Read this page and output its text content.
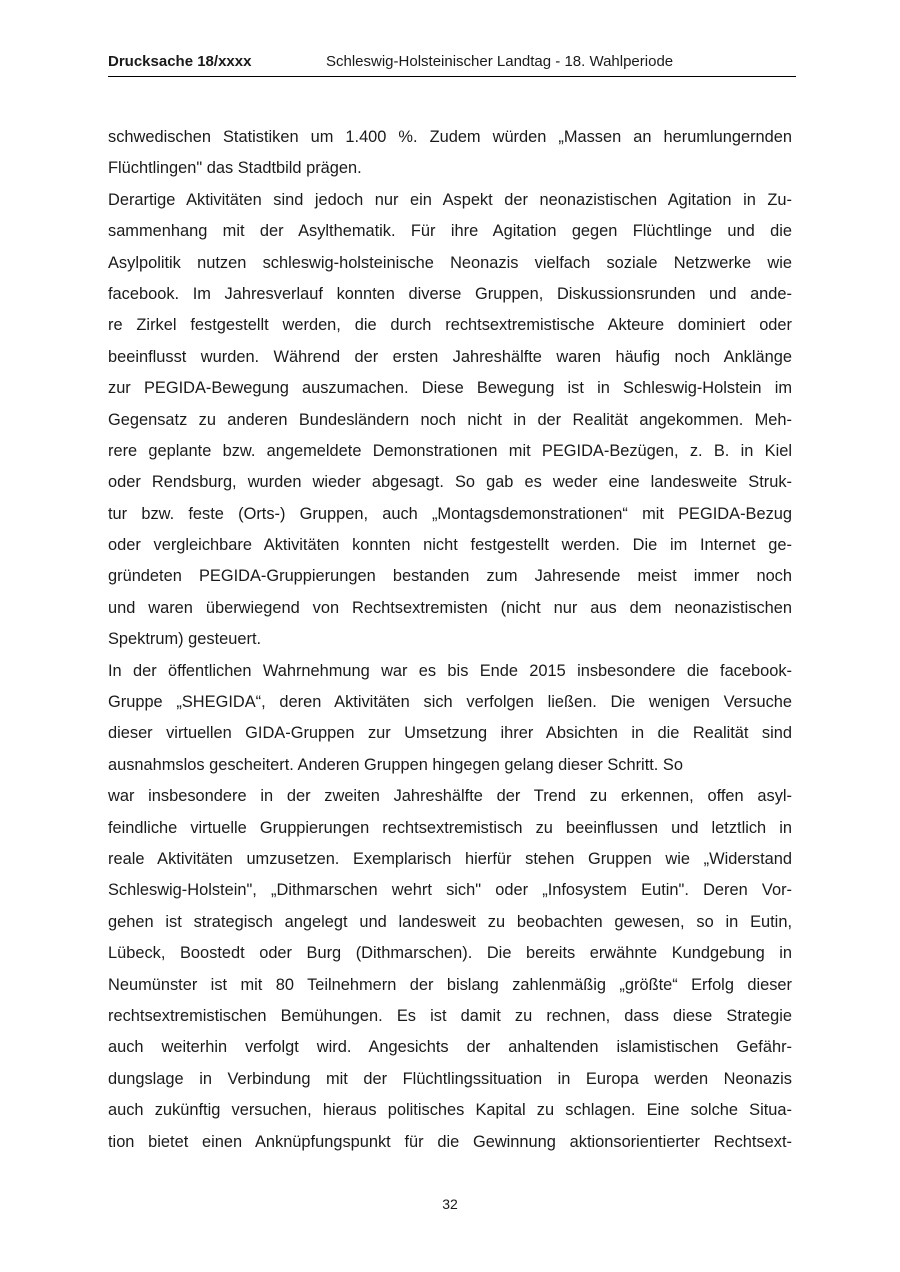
Drucksache 18/xxxx	Schleswig-Holsteinischer Landtag - 18. Wahlperiode
schwedischen Statistiken um 1.400 %. Zudem würden „Massen an herumlungernden
Flüchtlingen" das Stadtbild prägen.
Derartige Aktivitäten sind jedoch nur ein Aspekt der neonazistischen Agitation in Zu-
sammenhang mit der Asylthematik. Für ihre Agitation gegen Flüchtlinge und die
Asylpolitik nutzen schleswig-holsteinische Neonazis vielfach soziale Netzwerke wie
facebook. Im Jahresverlauf konnten diverse Gruppen, Diskussionsrunden und ande-
re Zirkel festgestellt werden, die durch rechtsextremistische Akteure dominiert oder
beeinflusst wurden. Während der ersten Jahreshälfte waren häufig noch Anklänge
zur PEGIDA-Bewegung auszumachen. Diese Bewegung ist in Schleswig-Holstein im
Gegensatz zu anderen Bundesländern noch nicht in der Realität angekommen. Meh-
rere geplante bzw. angemeldete Demonstrationen mit PEGIDA-Bezügen, z. B. in Kiel
oder Rendsburg, wurden wieder abgesagt. So gab es weder eine landesweite Struk-
tur bzw. feste (Orts-) Gruppen, auch „Montagsdemonstrationen“ mit PEGIDA-Bezug
oder vergleichbare Aktivitäten konnten nicht festgestellt werden. Die im Internet ge-
gründeten PEGIDA-Gruppierungen bestanden zum Jahresende meist immer noch
und waren überwiegend von Rechtsextremisten (nicht nur aus dem neonazistischen
Spektrum) gesteuert.
In der öffentlichen Wahrnehmung war es bis Ende 2015 insbesondere die facebook-
Gruppe „SHEGIDA“, deren Aktivitäten sich verfolgen ließen. Die wenigen Versuche
dieser virtuellen GIDA-Gruppen zur Umsetzung ihrer Absichten in die Realität sind
ausnahmslos gescheitert. Anderen Gruppen hingegen gelang dieser Schritt. So
war insbesondere in der zweiten Jahreshälfte der Trend zu erkennen, offen asyl-
feindliche virtuelle Gruppierungen rechtsextremistisch zu beeinflussen und letztlich in
reale Aktivitäten umzusetzen. Exemplarisch hierfür stehen Gruppen wie „Widerstand
Schleswig-Holstein", „Dithmarschen wehrt sich" oder „Infosystem Eutin". Deren Vor-
gehen ist strategisch angelegt und landesweit zu beobachten gewesen, so in Eutin,
Lübeck, Boostedt oder Burg (Dithmarschen). Die bereits erwähnte Kundgebung in
Neumünster ist mit 80 Teilnehmern der bislang zahlenmäßig „größte“ Erfolg dieser
rechtsextremistischen Bemühungen. Es ist damit zu rechnen, dass diese Strategie
auch weiterhin verfolgt wird. Angesichts der anhaltenden islamistischen Gefähr-
dungslage in Verbindung mit der Flüchtlingssituation in Europa werden Neonazis
auch zukünftig versuchen, hieraus politisches Kapital zu schlagen. Eine solche Situa-
tion bietet einen Anknüpfungspunkt für die Gewinnung aktionsorientierter Rechtsext-
32
